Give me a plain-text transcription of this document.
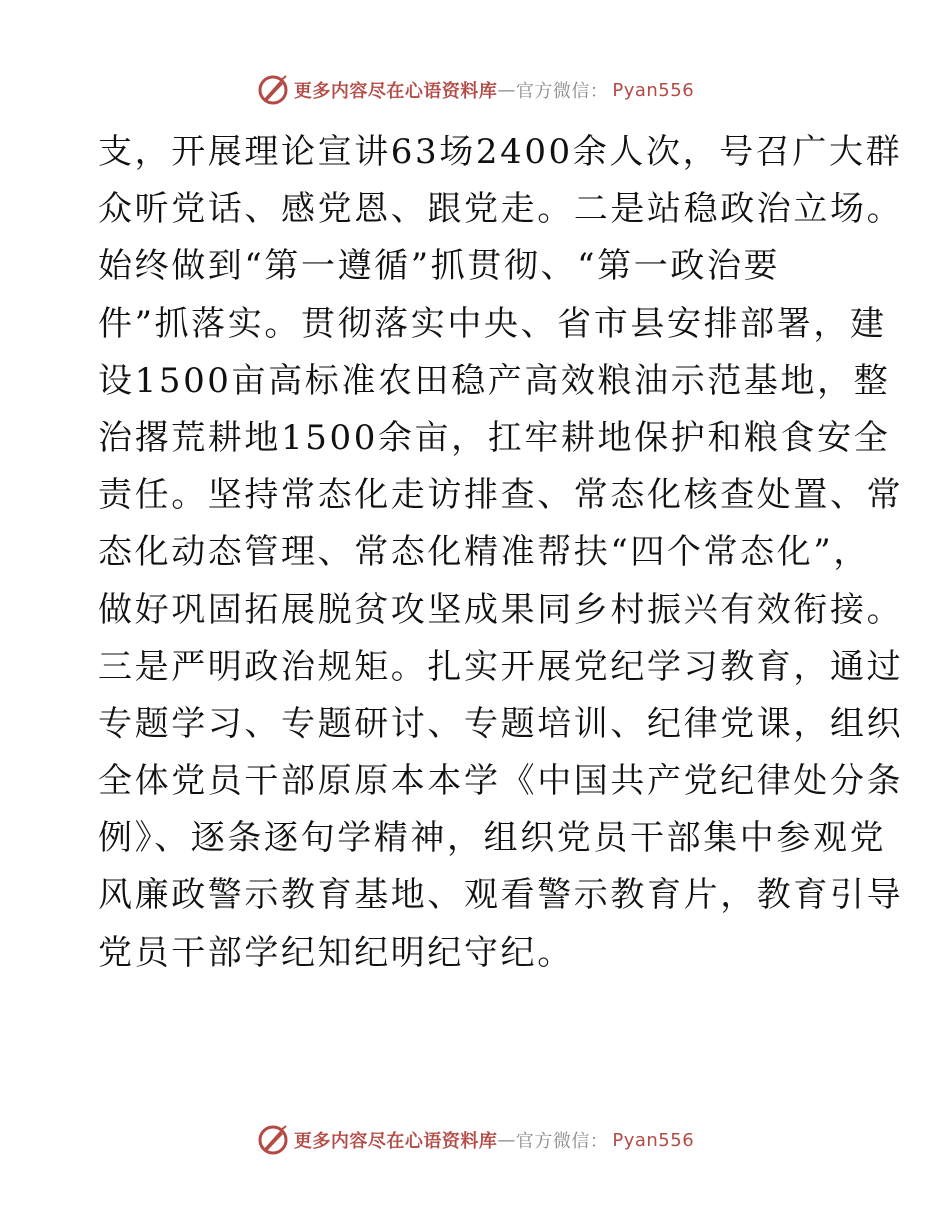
更多内容尽在心语资料库 — 官方微信： Pyan556
支，开展理论宣讲63场2400余人次，号召广大群
众听党话、感党恩、跟党走。二是站稳政治立场。
始终做到“第一遵循”抓贯彻、“第一政治要
件”抓落实。贯彻落实中央、省市县安排部署，建
设1500亩高标准农田稳产高效粮油示范基地，整
治撂荒耕地1500余亩，扛牢耕地保护和粮食安全
责任。坚持常态化走访排查、常态化核查处置、常
态化动态管理、常态化精准帮扶“四个常态化”，
做好巩固拓展脱贫攻坚成果同乡村振兴有效衔接。
三是严明政治规矩。扎实开展党纪学习教育，通过
专题学习、专题研讨、专题培训、纪律党课，组织
全体党员干部原原本本学《中国共产党纪律处分条
例》、逐条逐句学精神，组织党员干部集中参观党
风廉政警示教育基地、观看警示教育片，教育引导
党员干部学纪知纪明纪守纪。
更多内容尽在心语资料库 — 官方微信： Pyan556
